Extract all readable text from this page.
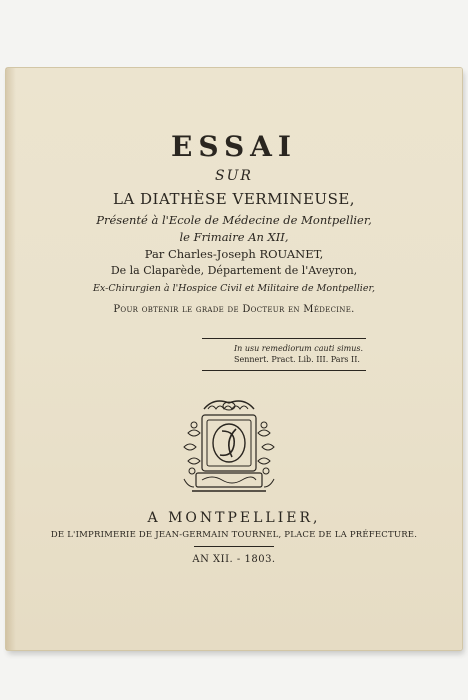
ESSAI
SUR
LA DIATHÈSE VERMINEUSE,
Présenté à l'Ecole de Médecine de Montpellier,
le Frimaire An XII,
Par Charles-Joseph ROUANET,
De la Claparède, Département de l'Aveyron,
Ex-Chirurgien à l'Hospice Civil et Militaire de Montpellier,
Pour obtenir le grade de Docteur en Médecine.
In usu remediorum cauti simus.
Sennert. Pract. Lib. III. Pars II.
A MONTPELLIER,
DE L'IMPRIMERIE DE JEAN-GERMAIN TOURNEL, PLACE DE LA PRÉFECTURE.
AN XII. - 1803.
